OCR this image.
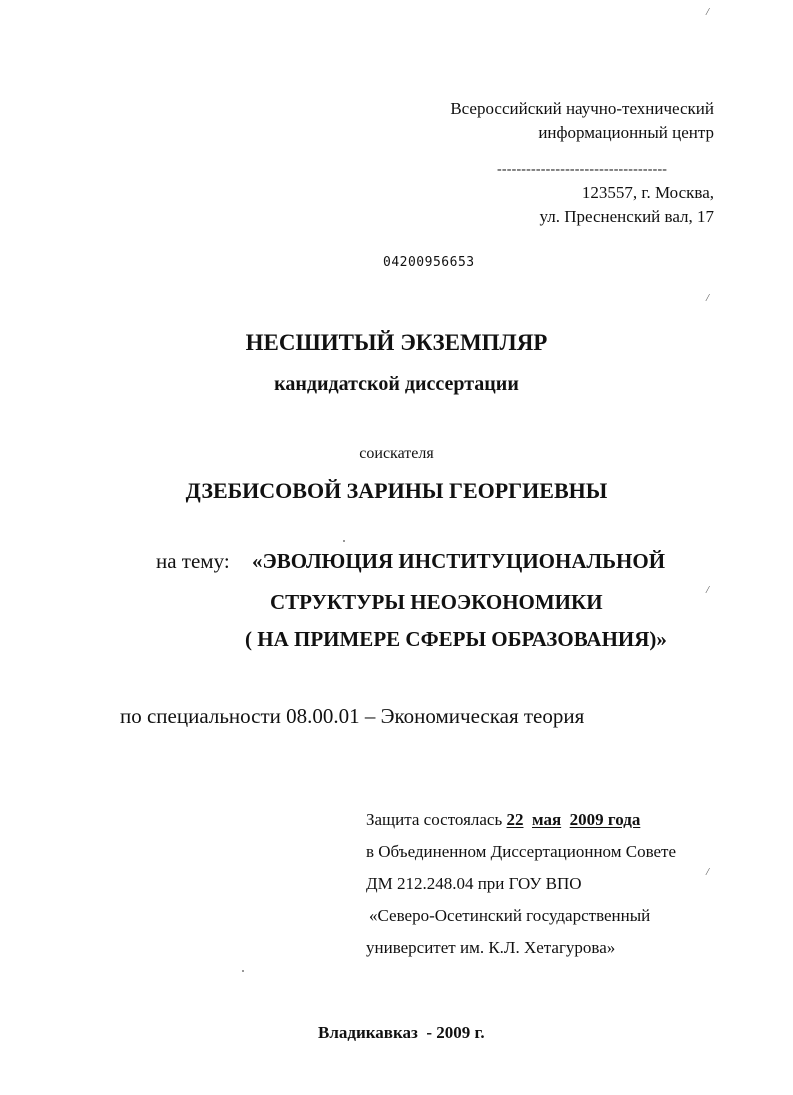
/
/
/
/
Всероссийский научно-технический
информационный центр
-----------------------------------
123557, г. Москва,
ул. Пресненский вал, 17
04200956653
НЕСШИТЫЙ ЭКЗЕМПЛЯР
кандидатской диссертации
соискателя
ДЗЕБИСОВОЙ ЗАРИНЫ ГЕОРГИЕВНЫ
на тему: «ЭВОЛЮЦИЯ ИНСТИТУЦИОНАЛЬНОЙ
СТРУКТУРЫ НЕОЭКОНОМИКИ
( НА ПРИМЕРЕ СФЕРЫ ОБРАЗОВАНИЯ)»
по специальности 08.00.01 – Экономическая теория
Защита состоялась 22 мая 2009 года
в Объединенном Диссертационном Совете
ДМ 212.248.04 при ГОУ ВПО
«Северо-Осетинский государственный
университет им. К.Л. Хетагурова»
Владикавказ  - 2009 г.
